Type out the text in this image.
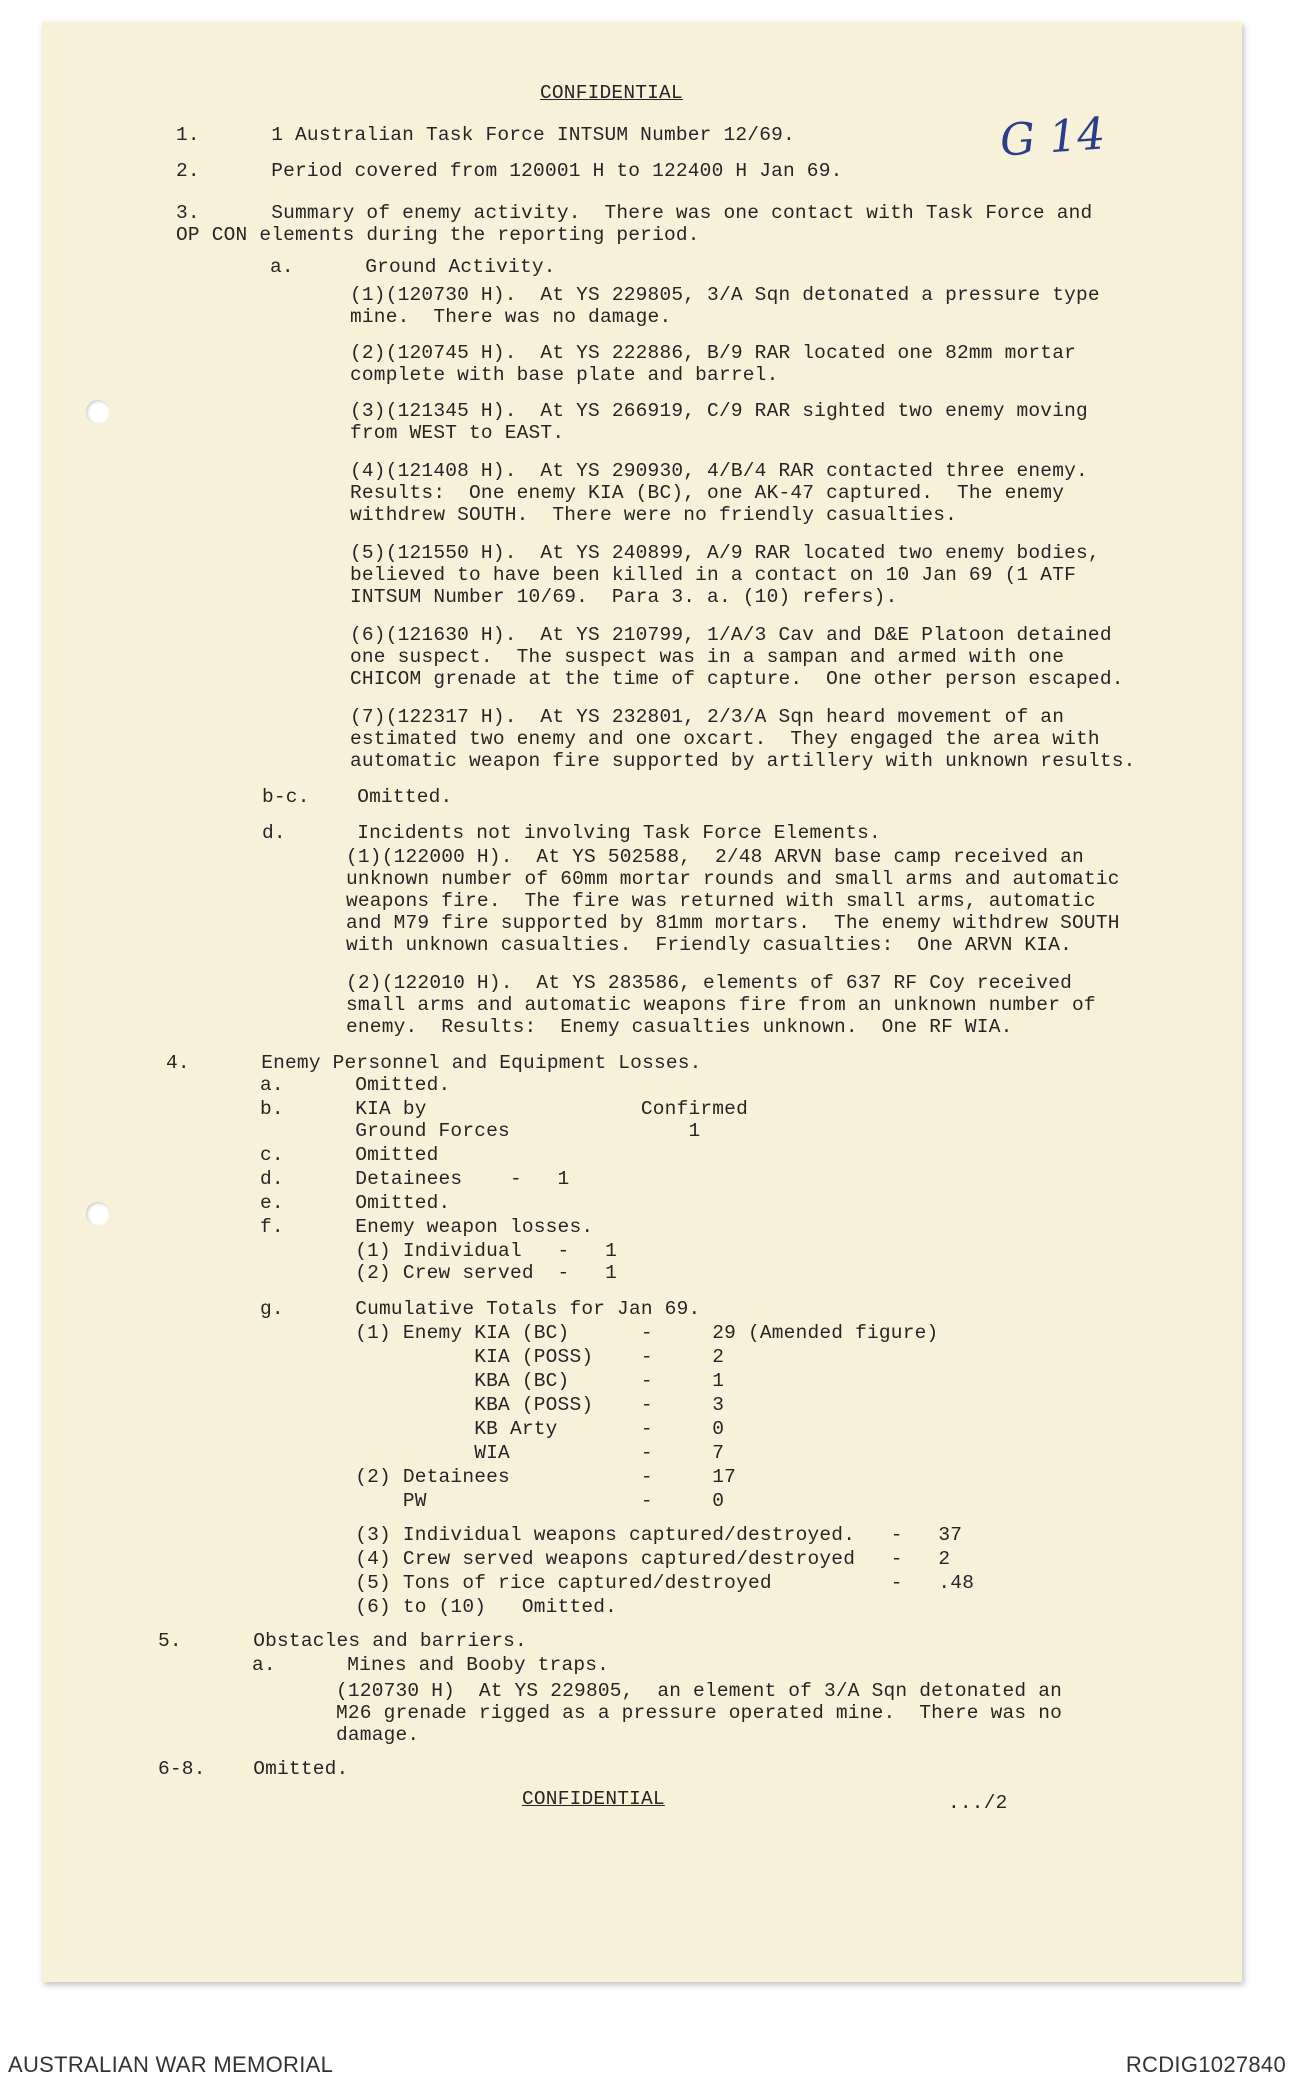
CONFIDENTIAL
G 14
1.      1 Australian Task Force INTSUM Number 12/69.
2.      Period covered from 120001 H to 122400 H Jan 69.
3.      Summary of enemy activity.  There was one contact with Task Force and
OP CON elements during the reporting period.
a.      Ground Activity.
(1)(120730 H).  At YS 229805, 3/A Sqn detonated a pressure type
mine.  There was no damage.
(2)(120745 H).  At YS 222886, B/9 RAR located one 82mm mortar
complete with base plate and barrel.
(3)(121345 H).  At YS 266919, C/9 RAR sighted two enemy moving
from WEST to EAST.
(4)(121408 H).  At YS 290930, 4/B/4 RAR contacted three enemy.
Results:  One enemy KIA (BC), one AK-47 captured.  The enemy
withdrew SOUTH.  There were no friendly casualties.
(5)(121550 H).  At YS 240899, A/9 RAR located two enemy bodies,
believed to have been killed in a contact on 10 Jan 69 (1 ATF
INTSUM Number 10/69.  Para 3. a. (10) refers).
(6)(121630 H).  At YS 210799, 1/A/3 Cav and D&E Platoon detained
one suspect.  The suspect was in a sampan and armed with one
CHICOM grenade at the time of capture.  One other person escaped.
(7)(122317 H).  At YS 232801, 2/3/A Sqn heard movement of an
estimated two enemy and one oxcart.  They engaged the area with
automatic weapon fire supported by artillery with unknown results.
b-c.    Omitted.
d.      Incidents not involving Task Force Elements.
(1)(122000 H).  At YS 502588,  2/48 ARVN base camp received an
unknown number of 60mm mortar rounds and small arms and automatic
weapons fire.  The fire was returned with small arms, automatic
and M79 fire supported by 81mm mortars.  The enemy withdrew SOUTH
with unknown casualties.  Friendly casualties:  One ARVN KIA.
(2)(122010 H).  At YS 283586, elements of 637 RF Coy received
small arms and automatic weapons fire from an unknown number of
enemy.  Results:  Enemy casualties unknown.  One RF WIA.
4.      Enemy Personnel and Equipment Losses.
a.      Omitted.
b.      KIA by                  Confirmed
Ground Forces               1
c.      Omitted
d.      Detainees    -   1
e.      Omitted.
f.      Enemy weapon losses.
(1) Individual   -   1
(2) Crew served  -   1
g.      Cumulative Totals for Jan 69.
(1) Enemy KIA (BC)      -     29 (Amended figure)
KIA (POSS)    -     2
KBA (BC)      -     1
KBA (POSS)    -     3
KB Arty       -     0
WIA           -     7
(2) Detainees           -     17
PW                  -     0
(3) Individual weapons captured/destroyed.   -   37
(4) Crew served weapons captured/destroyed   -   2
(5) Tons of rice captured/destroyed          -   .48
(6) to (10)   Omitted.
5.      Obstacles and barriers.
a.      Mines and Booby traps.
(120730 H)  At YS 229805,  an element of 3/A Sqn detonated an
M26 grenade rigged as a pressure operated mine.  There was no
damage.
6-8.    Omitted.
CONFIDENTIAL	.../2
AUSTRALIAN WAR MEMORIAL	RCDIG1027840
